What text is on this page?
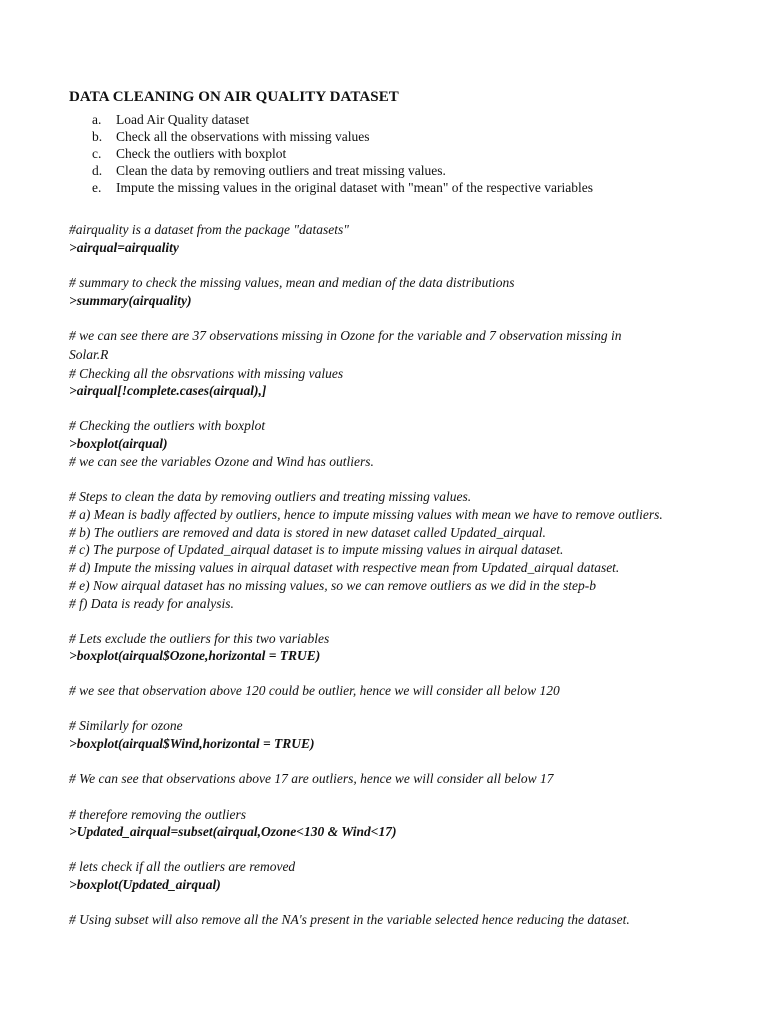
DATA CLEANING ON AIR QUALITY DATASET
a. Load Air Quality dataset
b. Check all the observations with missing values
c. Check the outliers with boxplot
d. Clean the data by removing outliers and treat missing values.
e. Impute the missing values in the original dataset with "mean" of the respective variables
#airquality is a dataset from the package "datasets"
>airqual=airquality
# summary to check the missing values, mean and median of the data distributions
>summary(airquality)
# we can see there are 37 observations missing in Ozone for the variable and 7 observation missing in
Solar.R
# Checking all the obsrvations with missing values
>airqual[!complete.cases(airqual),]
# Checking the outliers with boxplot
>boxplot(airqual)
# we can see the variables Ozone and Wind has outliers.
# Steps to clean the data by removing outliers and treating missing values.
# a) Mean is badly affected by outliers, hence to impute missing values with mean we have to remove outliers.
# b) The outliers are removed and data is stored in new dataset called Updated_airqual.
# c) The purpose of Updated_airqual dataset is to impute missing values in airqual dataset.
# d) Impute the missing values in airqual dataset with respective mean from Updated_airqual dataset.
# e) Now airqual dataset has no missing values, so we can remove outliers as we did in the step-b
# f) Data is ready for analysis.
# Lets exclude the outliers for this two variables
>boxplot(airqual$Ozone,horizontal = TRUE)
# we see that observation above 120 could be outlier, hence we will consider all below 120
# Similarly for ozone
>boxplot(airqual$Wind,horizontal = TRUE)
# We can see that observations above 17 are outliers, hence we will consider all below 17
# therefore removing the outliers
>Updated_airqual=subset(airqual,Ozone<130 & Wind<17)
# lets check if all the outliers are removed
>boxplot(Updated_airqual)
# Using subset will also remove all the NA's present in the variable selected hence reducing the dataset.
